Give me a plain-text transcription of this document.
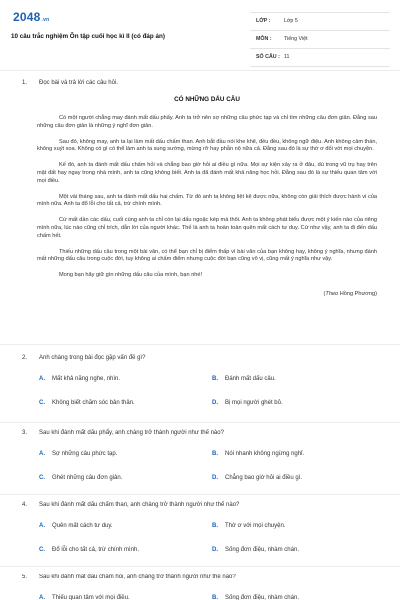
2048.vn
10 câu trắc nghiệm Ôn tập cuối học kì II (có đáp án)
LỚP :	Lớp 5
MÔN : Tiếng Việt
SỐ CÂU : 11
1. Đọc bài và trả lời các câu hỏi.
CÓ NHỮNG DẤU CÂU

Có một người chẳng may đánh mất dấu phẩy. Anh ta trở nên sợ những câu phức tạp và chỉ tìm những câu đơn giản. Đằng sau những câu đơn giản là những ý nghĩ đơn giản.

Sau đó, không may, anh ta lại làm mất dấu chấm than. Anh bắt đầu nói khe khẽ, đều đều, không ngữ điệu. Anh không cảm thán, không xuýt xoa. Không có gì có thể làm anh ta sung sướng, mừng rỡ hay phẫn nộ nữa cả. Đằng sau đó là sự thờ ơ đối với mọi chuyện.

Kế đó, anh ta đánh mất dấu chấm hỏi và chẳng bao giờ hỏi ai điều gì nữa. Mọi sự kiện xảy ra ở đâu, dù trong vũ trụ hay trên mặt đất hay ngay trong nhà mình, anh ta cũng không biết. Anh ta đã đánh mất khả năng học hỏi. Đằng sau đó là sự thiếu quan tâm với mọi điều.

Một vài tháng sau, anh ta đánh mất dấu hai chấm. Từ đó anh ta không liệt kê được nữa, không còn giải thích được hành vi của mình nữa. Anh ta đổ lỗi cho tất cả, trừ chính mình.

Cứ mất dần các dấu, cuối cùng anh ta chỉ còn lại dấu ngoặc kép mà thôi. Anh ta không phát biểu được một ý kiến nào của riêng mình nữa, lúc nào cũng chỉ trích, dẫn lời của người khác. Thế là anh ta hoàn toàn quên mất cách tư duy. Cứ như vậy, anh ta đi đến dấu chấm hết.

Thiếu những dấu câu trong một bài văn, có thể bạn chỉ bị điểm thấp vì bài văn của bạn không hay, không ý nghĩa, nhưng đánh mất những dấu câu trong cuộc đời, tuy không ai chấm điểm nhưng cuộc đời bạn cũng vô vị, cũng mất ý nghĩa như vậy.

Mong bạn hãy giữ gìn những dấu câu của mình, bạn nhé!

(Theo Hồng Phương)

2. Anh chàng trong bài đọc gặp vấn đề gì?
A. Mất khả năng nghe, nhìn.	B. Đánh mất dấu câu.
C. Không biết chăm sóc bản thân.	D. Bị mọi người ghét bỏ.
3. Sau khi đánh mất dấu phẩy, anh chàng trở thành người như thế nào?
A. Sợ những câu phức tạp.	B. Nói nhanh không ngừng nghỉ.
C. Ghét những câu đơn giản.	D. Chẳng bao giờ hỏi ai điều gì.
4. Sau khi đánh mất dấu chấm than, anh chàng trở thành người như thế nào?
A. Quên mất cách tư duy.	B. Thờ ơ với mọi chuyện.
C. Đổ lỗi cho tất cả, trừ chính mình.	D. Sống đơn điệu, nhàm chán.
5. Sau khi đánh mất dấu chấm hỏi, anh chàng trở thành người như thế nào?
A. Thiếu quan tâm với mọi điều.	B. Sống đơn điệu, nhàm chán.
